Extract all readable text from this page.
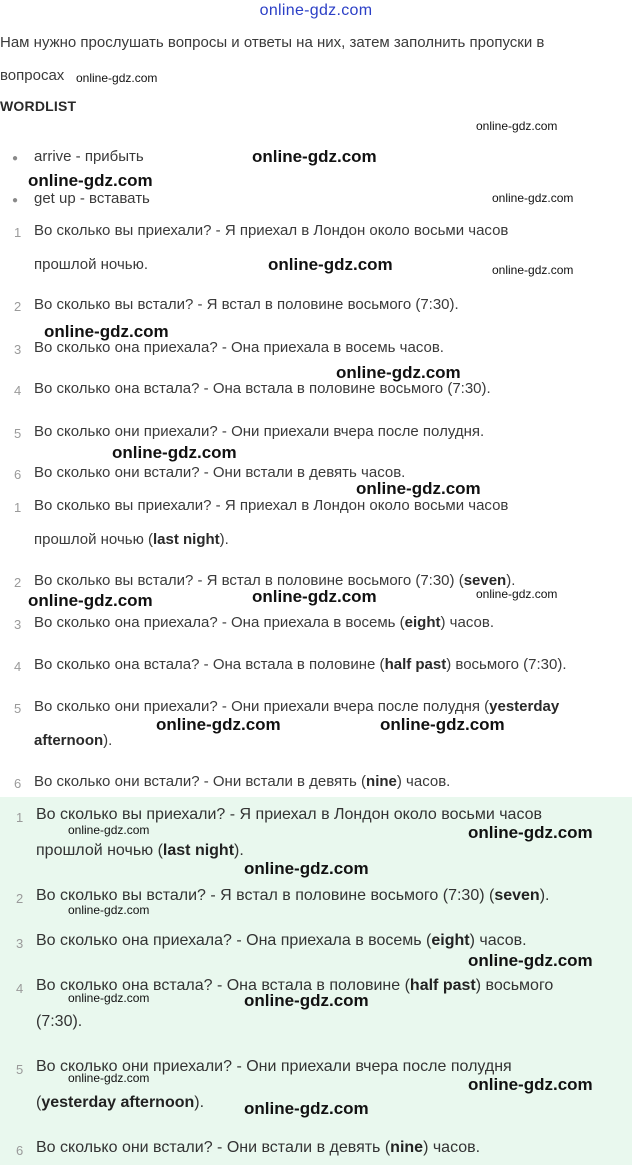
online-gdz.com
Нам нужно прослушать вопросы и ответы на них, затем заполнить пропуски в
вопросах
WORDLIST
● arrive - прибыть
● get up - вставать
1 Во сколько вы приехали? - Я приехал в Лондон около восьми часов
прошлой ночью.
2 Во сколько вы встали? - Я встал в половине восьмого (7:30).
3 Во сколько она приехала? - Она приехала в восемь часов.
4 Во сколько она встала? - Она встала в половине восьмого (7:30).
5 Во сколько они приехали? - Они приехали вчера после полудня.
6 Во сколько они встали? - Они встали в девять часов.
1 Во сколько вы приехали? - Я приехал в Лондон около восьми часов
прошлой ночью (last night).
2 Во сколько вы встали? - Я встал в половине восьмого (7:30) (seven).
3 Во сколько она приехала? - Она приехала в восемь (eight) часов.
4 Во сколько она встала? - Она встала в половине (half past) восьмого (7:30).
5 Во сколько они приехали? - Они приехали вчера после полудня (yesterday
afternoon).
6 Во сколько они встали? - Они встали в девять (nine) часов.
1 Во сколько вы приехали? - Я приехал в Лондон около восьми часов
прошлой ночью (last night).
2 Во сколько вы встали? - Я встал в половине восьмого (7:30) (seven).
3 Во сколько она приехала? - Она приехала в восемь (eight) часов.
4 Во сколько она встала? - Она встала в половине (half past) восьмого
(7:30).
5 Во сколько они приехали? - Они приехали вчера после полудня
(yesterday afternoon).
6 Во сколько они встали? - Они встали в девять (nine) часов.
online-gdz.com
online-gdz.com
online-gdz.com
online-gdz.com
online-gdz.com
online-gdz.com	online-gdz.com
online-gdz.com
online-gdz.com
online-gdz.com
online-gdz.com
online-gdz.com	online-gdz.com
online-gdz.com
online-gdz.com	online-gdz.com
online-gdz.com	online-gdz.com
online-gdz.com
online-gdz.com
online-gdz.com
online-gdz.com	online-gdz.com
online-gdz.com	online-gdz.com
online-gdz.com
